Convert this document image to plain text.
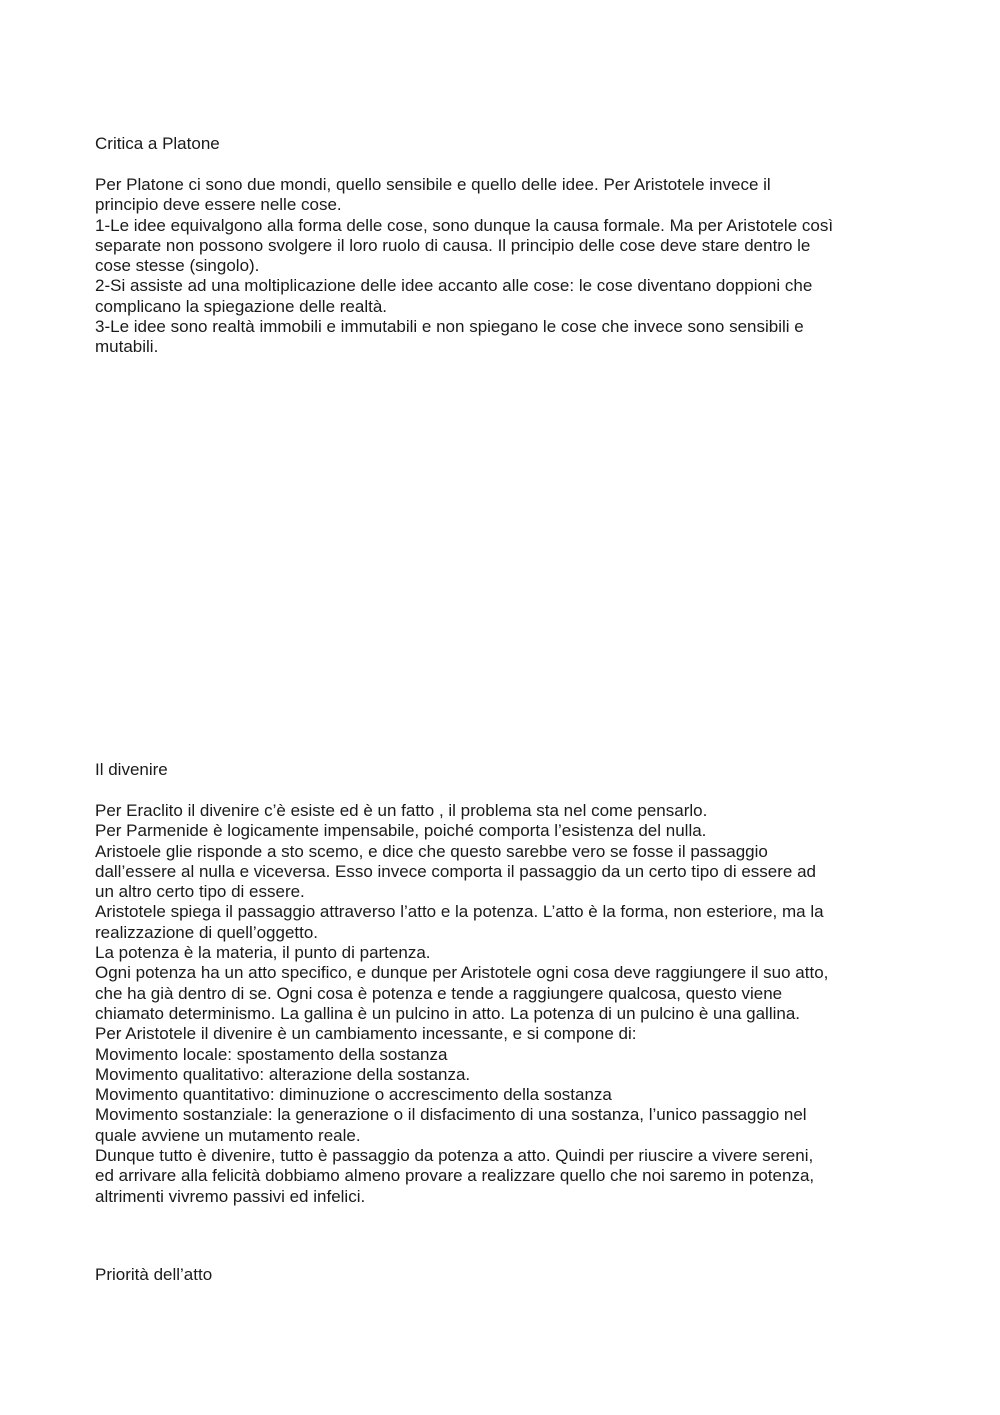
Critica a Platone

Per Platone ci sono due mondi, quello sensibile e quello delle idee. Per Aristotele invece il

principio deve essere nelle cose.

1-Le idee equivalgono alla forma delle cose, sono dunque la causa formale. Ma per Aristotele così

separate non possono svolgere il loro ruolo di causa. Il principio delle cose deve stare dentro le

cose stesse (singolo).

2-Si assiste ad una moltiplicazione delle idee accanto alle cose: le cose diventano doppioni che

complicano la spiegazione delle realtà.

3-Le idee sono realtà immobili e immutabili e non spiegano le cose che invece sono sensibili e

mutabili.

Il divenire

Per Eraclito il divenire c’è esiste ed è un fatto , il problema sta nel come pensarlo.

Per Parmenide è logicamente impensabile, poiché comporta l’esistenza del nulla.

Aristoele glie risponde a sto scemo, e dice che questo sarebbe vero se fosse il passaggio

dall’essere al nulla e viceversa. Esso invece comporta il passaggio da un certo tipo di essere ad

un altro certo tipo di essere.

Aristotele spiega il passaggio attraverso l’atto e la potenza. L’atto è la forma, non esteriore, ma la

realizzazione di quell’oggetto.

La potenza è la materia, il punto di partenza.

Ogni potenza ha un atto specifico, e dunque per Aristotele ogni cosa deve raggiungere il suo atto,

che ha già dentro di se. Ogni cosa è potenza e tende a raggiungere qualcosa, questo viene

chiamato determinismo. La gallina è un pulcino in atto. La potenza di un pulcino è una gallina.

Per Aristotele il divenire è un cambiamento incessante, e si compone di:

Movimento locale: spostamento della sostanza

Movimento qualitativo: alterazione della sostanza.

Movimento quantitativo: diminuzione o accrescimento della sostanza

Movimento sostanziale: la generazione o il disfacimento di una sostanza, l’unico passaggio nel

quale avviene un mutamento reale.

Dunque tutto è divenire, tutto è passaggio da potenza a atto. Quindi per riuscire a vivere sereni,

ed arrivare alla felicità dobbiamo almeno provare a realizzare quello che noi saremo in potenza,

altrimenti vivremo passivi ed infelici.

Priorità dell’atto
